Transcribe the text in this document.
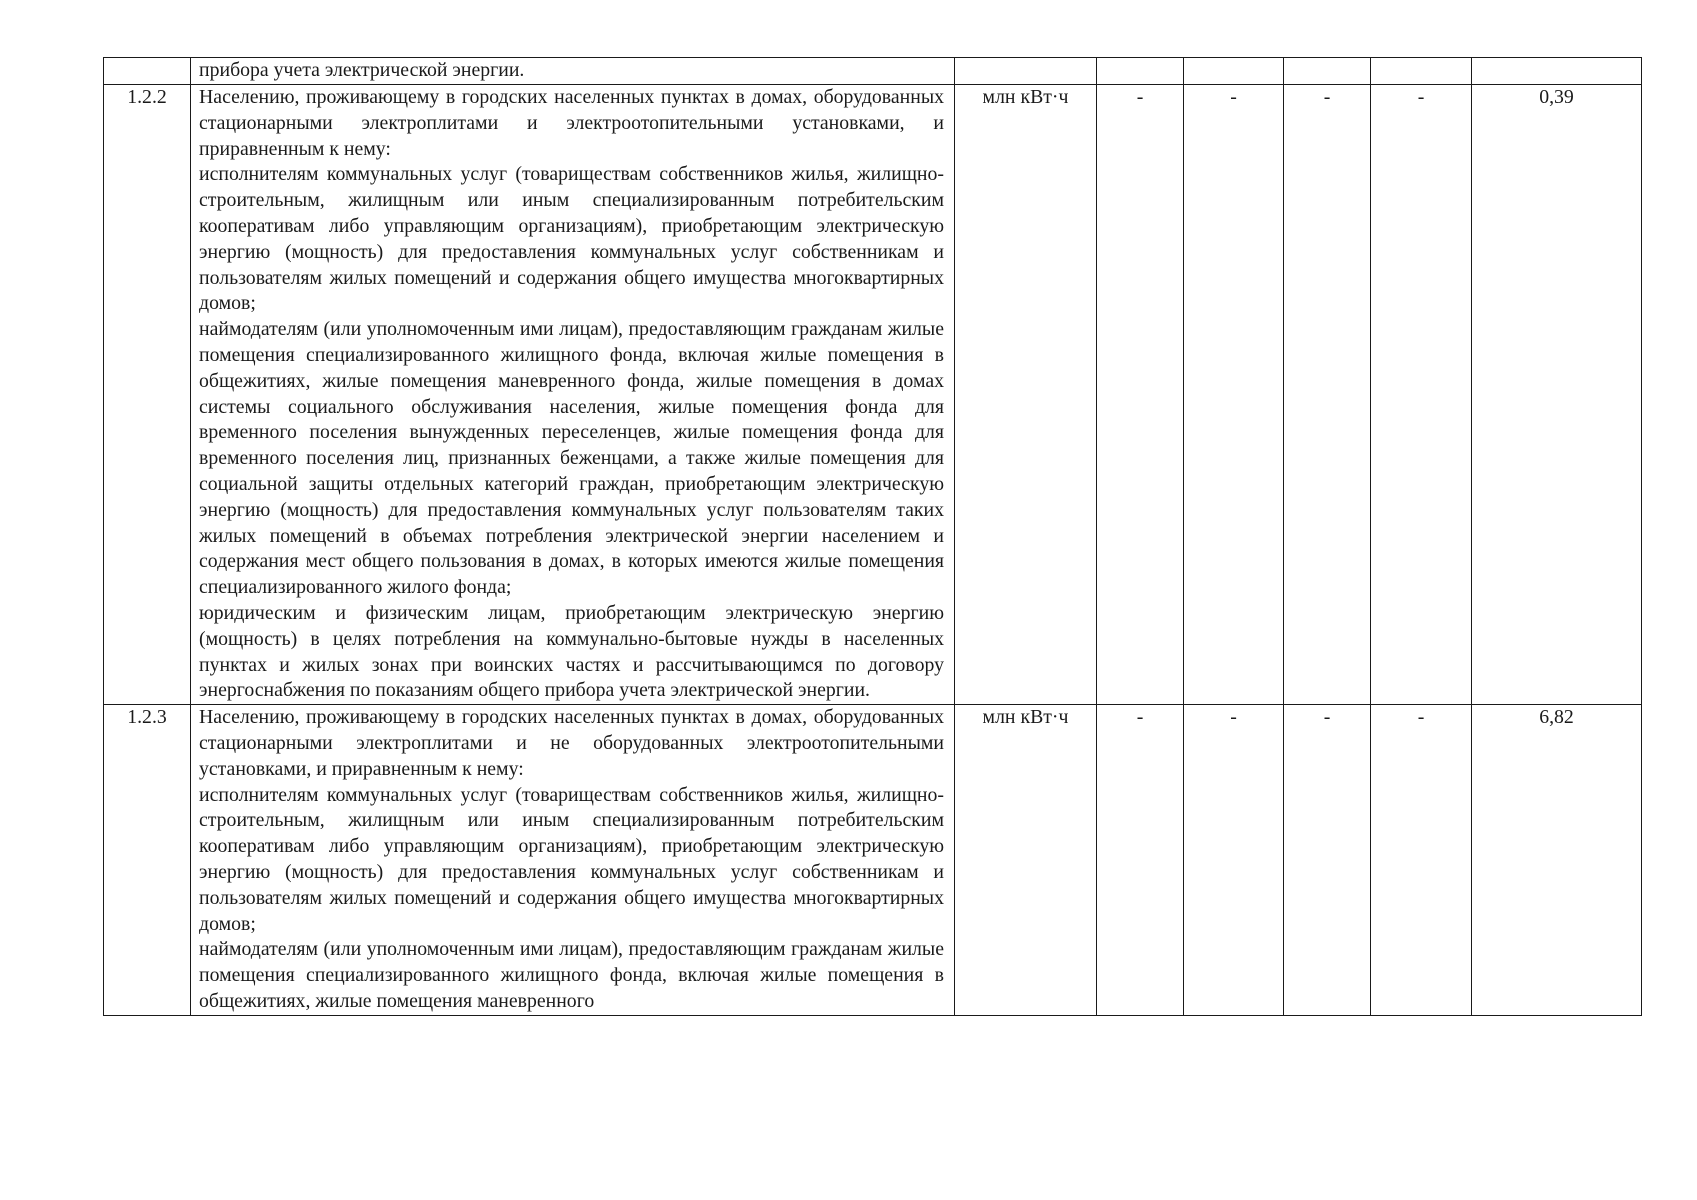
	прибора учета электрической энергии.						

1.2.2	Населению, проживающему в городских населенных пунктах в домах, оборудованных стационарными электроплитами и электроотопительными установками, и приравненным к нему:

исполнителям коммунальных услуг (товариществам собственников жилья, жилищно-строительным, жилищным или иным специализированным потребительским кооперативам либо управляющим организациям), приобретающим электрическую энергию (мощность) для предоставления коммунальных услуг собственникам и пользователям жилых помещений и содержания общего имущества многоквартирных домов;

наймодателям (или уполномоченным ими лицам), предоставляющим гражданам жилые помещения специализированного жилищного фонда, включая жилые помещения в общежитиях, жилые помещения маневренного фонда, жилые помещения в домах системы социального обслуживания населения, жилые помещения фонда для временного поселения вынужденных переселенцев, жилые помещения фонда для временного поселения лиц, признанных беженцами, а также жилые помещения для социальной защиты отдельных категорий граждан, приобретающим электрическую энергию (мощность) для предоставления коммунальных услуг пользователям таких жилых помещений в объемах потребления электрической энергии населением и содержания мест общего пользования в домах, в которых имеются жилые помещения специализированного жилого фонда;

юридическим и физическим лицам, приобретающим электрическую энергию (мощность) в целях потребления на коммунально-бытовые нужды в населенных пунктах и жилых зонах при воинских частях и рассчитывающимся по договору энергоснабжения по показаниям общего прибора учета электрической энергии.	млн кВт·ч	-	-	-	-	0,39
1.2.3	Населению, проживающему в городских населенных пунктах в домах, оборудованных стационарными электроплитами и не оборудованных электроотопительными установками, и приравненным к нему:

исполнителям коммунальных услуг (товариществам собственников жилья, жилищно-строительным, жилищным или иным специализированным потребительским кооперативам либо управляющим организациям), приобретающим электрическую энергию (мощность) для предоставления коммунальных услуг собственникам и пользователям жилых помещений и содержания общего имущества многоквартирных домов;

наймодателям (или уполномоченным ими лицам), предоставляющим гражданам жилые помещения специализированного жилищного фонда, включая жилые помещения в общежитиях, жилые помещения маневренного	млн кВт·ч	-	-	-	-	6,82
